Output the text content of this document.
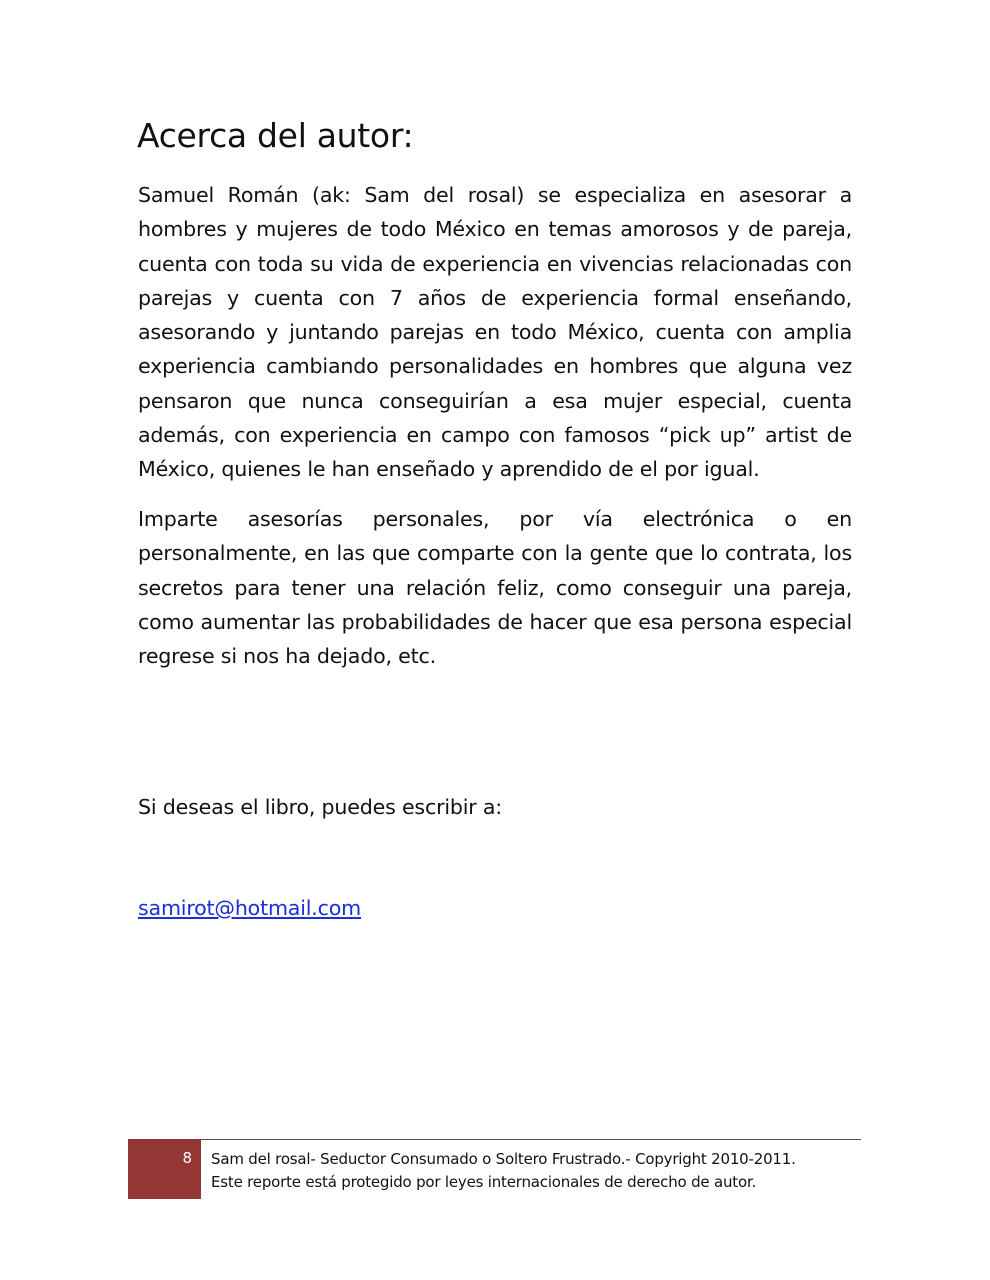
Acerca del autor:

Samuel Román (ak: Sam del rosal) se especializa en asesorar a hombres y mujeres de todo México en temas amorosos y de pareja, cuenta con toda su vida de experiencia en vivencias relacionadas con parejas y cuenta con 7 años de experiencia formal enseñando, asesorando y juntando parejas en todo México, cuenta con amplia experiencia cambiando personalidades en hombres que alguna vez pensaron que nunca conseguirían a esa mujer especial, cuenta además, con experiencia en campo con famosos “pick up” artist de México, quienes le han enseñado y aprendido de el por igual.

Imparte asesorías personales, por vía electrónica o en personalmente, en las que comparte con la gente que lo contrata, los secretos para tener una relación feliz, como conseguir una pareja, como aumentar las probabilidades de hacer que esa persona especial regrese si nos ha dejado, etc.

Si deseas el libro, puedes escribir a:

samirot@hotmail.com
8 Sam del rosal- Seductor Consumado o Soltero Frustrado.- Copyright 2010-2011.
Este reporte está protegido por leyes internacionales de derecho de autor.
